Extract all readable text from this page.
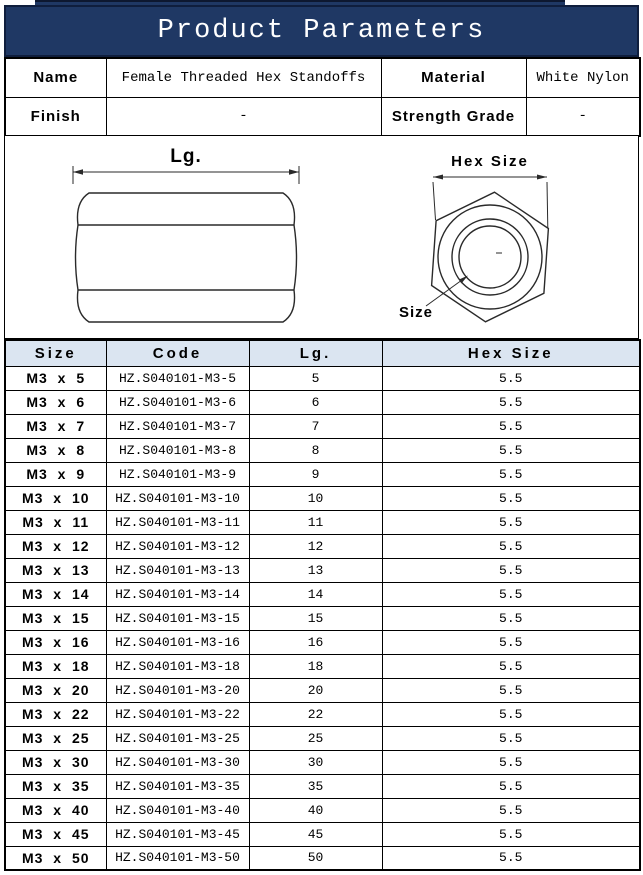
Product Parameters
Name	Female Threaded Hex Standoffs	Material	White Nylon
Finish	-	Strength Grade	-
Lg.	Hex Size
Size
Size	Code	Lg.	Hex Size
M3 x 5	HZ.S040101-M3-5	5	5.5
M3 x 6	HZ.S040101-M3-6	6	5.5
M3 x 7	HZ.S040101-M3-7	7	5.5
M3 x 8	HZ.S040101-M3-8	8	5.5
M3 x 9	HZ.S040101-M3-9	9	5.5
M3 x 10	HZ.S040101-M3-10	10	5.5
M3 x 11	HZ.S040101-M3-11	11	5.5
M3 x 12	HZ.S040101-M3-12	12	5.5
M3 x 13	HZ.S040101-M3-13	13	5.5
M3 x 14	HZ.S040101-M3-14	14	5.5
M3 x 15	HZ.S040101-M3-15	15	5.5
M3 x 16	HZ.S040101-M3-16	16	5.5
M3 x 18	HZ.S040101-M3-18	18	5.5
M3 x 20	HZ.S040101-M3-20	20	5.5
M3 x 22	HZ.S040101-M3-22	22	5.5
M3 x 25	HZ.S040101-M3-25	25	5.5
M3 x 30	HZ.S040101-M3-30	30	5.5
M3 x 35	HZ.S040101-M3-35	35	5.5
M3 x 40	HZ.S040101-M3-40	40	5.5
M3 x 45	HZ.S040101-M3-45	45	5.5
M3 x 50	HZ.S040101-M3-50	50	5.5
